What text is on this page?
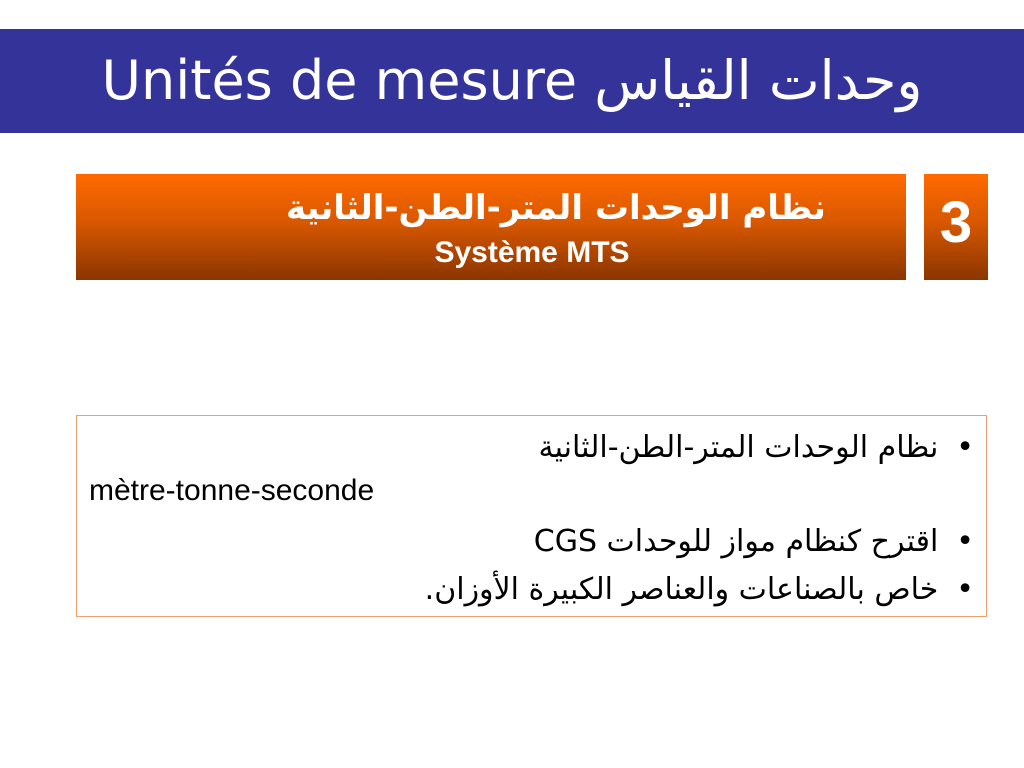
Unités de mesure وحدات القياس
نظام الوحدات المتر-الطن-الثانية
Système MTS	3
•نظام الوحدات المتر-الطن-الثانية
mètre-tonne-seconde
•اقترح كنظام مواز للوحدات CGS
•خاص بالصناعات والعناصر الكبيرة الأوزان.
